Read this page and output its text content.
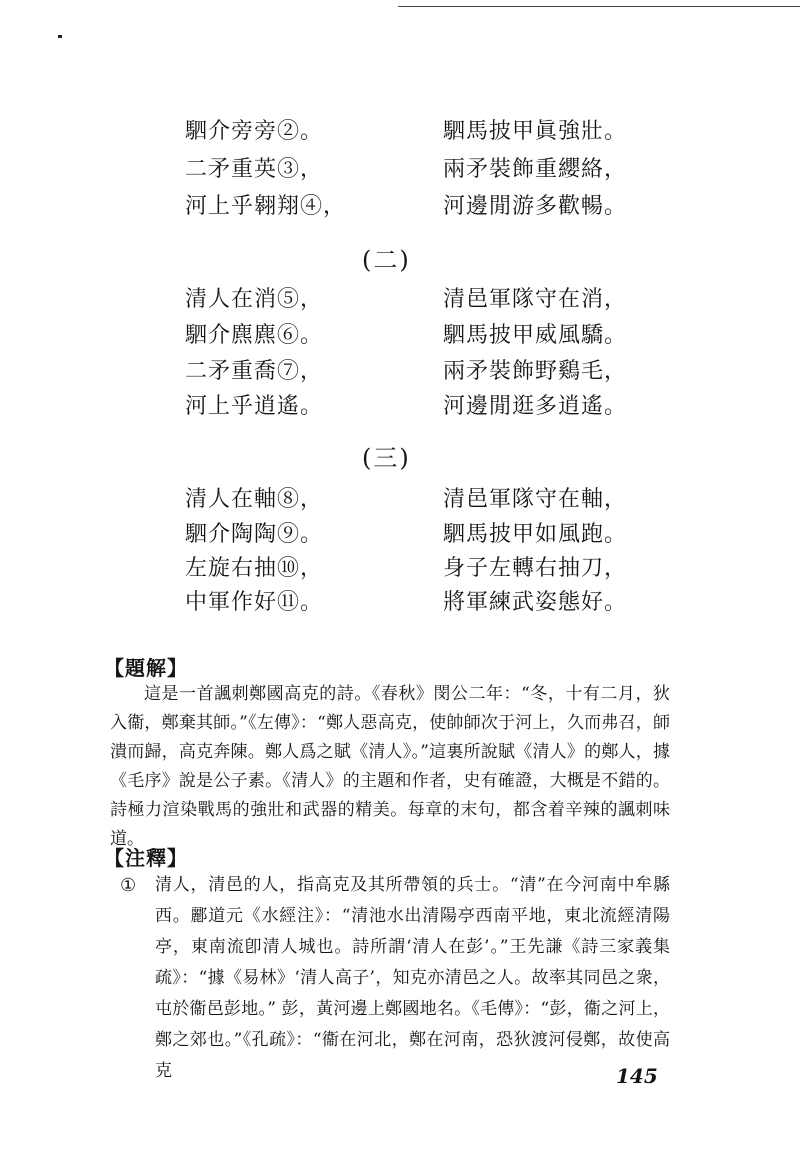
駟介旁旁②。
二矛重英③，
河上乎翱翔④，
駟馬披甲眞強壯。
兩矛裝飾重纓絡，
河邊閒游多歡暢。
(二)
清人在消⑤，
駟介麃麃⑥。
二矛重喬⑦，
河上乎逍遙。
清邑軍隊守在消，
駟馬披甲威風驕。
兩矛裝飾野鷄毛，
河邊閒逛多逍遙。
(三)
清人在軸⑧，
駟介陶陶⑨。
左旋右抽⑩，
中軍作好⑪。
清邑軍隊守在軸，
駟馬披甲如風跑。
身子左轉右抽刀，
將軍練武姿態好。
【題解】

這是一首諷刺鄭國高克的詩。《春秋》閔公二年：“冬，十有二月，狄入衞，鄭棄其師。”《左傳》：“鄭人惡高克，使帥師次于河上，久而弗召，師潰而歸，高克奔陳。鄭人爲之賦《清人》。”這裏所說賦《清人》的鄭人，據《毛序》說是公子素。《清人》的主題和作者，史有確證，大概是不錯的。詩極力渲染戰馬的強壯和武器的精美。每章的末句，都含着辛辣的諷刺味道。

【注釋】
① 清人，清邑的人，指高克及其所帶領的兵士。“清”在今河南中牟縣西。酈道元《水經注》：“清池水出清陽亭西南平地，東北流經清陽亭，東南流卽清人城也。詩所謂‘清人在彭’。”王先謙《詩三家義集疏》：“據《易林》‘清人高子’，知克亦清邑之人。故率其同邑之衆，屯於衞邑彭地。” 彭，黃河邊上鄭國地名。《毛傳》：“彭，衞之河上，鄭之郊也。”《孔疏》：“衞在河北，鄭在河南，恐狄渡河侵鄭，故使高克	145
